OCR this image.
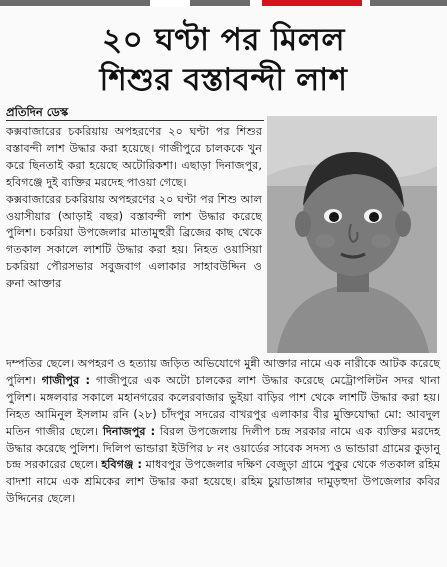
২০ ঘণ্টা পর মিলল
শিশুর বস্তাবন্দী লাশ
প্রতিদিন ডেস্ক

কক্সবাজারের চকরিয়ায় অপহরণের ২০ ঘণ্টা পর শিশুর বস্তাবন্দী লাশ উদ্ধার করা হয়েছে। গাজীপুরে চালককে খুন করে ছিনতাই করা হয়েছে অটোরিকশা। এছাড়া দিনাজপুর, হবিগঞ্জে দুই ব্যক্তির মরদেহ পাওয়া গেছে।

কক্সবাজারের চকরিয়ায় অপহরণের ২০ ঘণ্টা পর শিশু আল ওয়াসীয়ার (আড়াই বছর) বস্তাবন্দী লাশ উদ্ধার করেছে পুলিশ। চকরিয়া উপজেলার মাতামুহুরী ব্রিজের কাছ থেকে গতকাল সকালে লাশটি উদ্ধার করা হয়। নিহত ওয়াসিয়া চকরিয়া পৌরসভার সবুজবাগ এলাকার সাহাবউদ্দিন ও রুনা আক্তার

দম্পতির ছেলে। অপহরণ ও হত্যায় জড়িত অভিযোগে মুন্নী আক্তার নামে এক নারীকে আটক করেছে পুলিশ। গাজীপুর : গাজীপুরে এক অটো চালকের লাশ উদ্ধার করেছে মেট্রোপলিটন সদর থানা পুলিশ। মঙ্গলবার সকালে মহানগরের কলেরবাজার ভুইয়া বাড়ির পাশ থেকে লাশটি উদ্ধার করা হয়। নিহত আমিনুল ইসলাম রনি (২৮) চাঁদপুর সদরের বাখরপুর এলাকার বীর মুক্তিযোদ্ধা মো: আবদুল মতিন গাজীর ছেলে। দিনাজপুর : বিরল উপজেলায় দিলীপ চন্দ্র সরকার নামে এক ব্যক্তির মরদেহ উদ্ধার করেছে পুলিশ। দিলিপ ভান্ডারা ইউপির ৮ নং ওয়ার্ডের সাবেক সদস্য ও ভান্ডারা গ্রামের কুড়ানু চন্দ্র সরকারের ছেলে। হবিগঞ্জ : মাধবপুর উপজেলার দক্ষিণ বেজুড়া গ্রামে পুকুর থেকে গতকাল রহিম বাদশা নামে এক শ্রমিকের লাশ উদ্ধার করা হয়েছে। রহিম চুয়াডাঙ্গার দামুড়হুদা উপজেলার কবির উদ্দিনের ছেলে।
